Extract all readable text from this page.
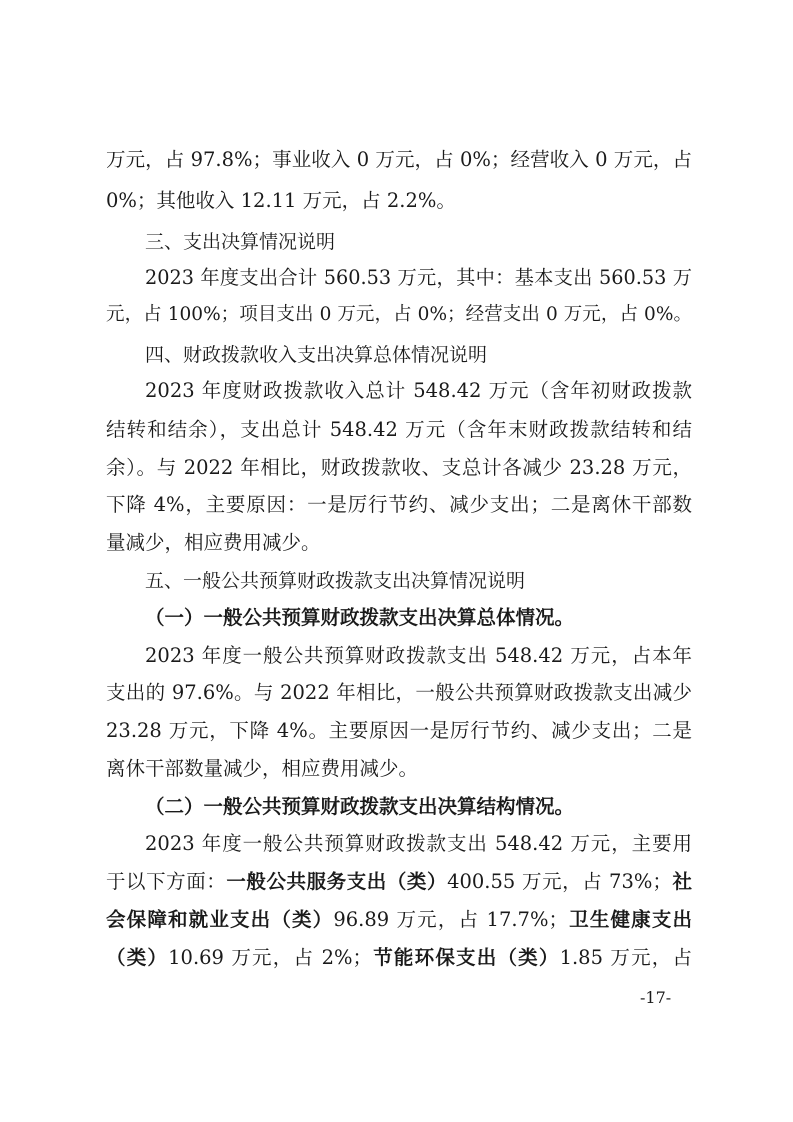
万元，占 97.8%；事业收入 0 万元，占 0%；经营收入 0 万元，占
0%；其他收入 12.11 万元，占 2.2%。
三、支出决算情况说明
2023 年度支出合计 560.53 万元，其中：基本支出 560.53 万
元，占 100%；项目支出 0 万元，占 0%；经营支出 0 万元，占 0%。
四、财政拨款收入支出决算总体情况说明
2023 年度财政拨款收入总计 548.42 万元（含年初财政拨款
结转和结余），支出总计 548.42 万元（含年末财政拨款结转和结
余）。与 2022 年相比，财政拨款收、支总计各减少 23.28 万元，
下降 4%，主要原因：一是厉行节约、减少支出；二是离休干部数
量减少，相应费用减少。
五、一般公共预算财政拨款支出决算情况说明
（一）一般公共预算财政拨款支出决算总体情况。
2023 年度一般公共预算财政拨款支出 548.42 万元，占本年
支出的 97.6%。与 2022 年相比，一般公共预算财政拨款支出减少
23.28 万元，下降 4%。主要原因一是厉行节约、减少支出；二是
离休干部数量减少，相应费用减少。
（二）一般公共预算财政拨款支出决算结构情况。
2023 年度一般公共预算财政拨款支出 548.42 万元，主要用
于以下方面：一般公共服务支出（类）400.55 万元，占 73%；社
会保障和就业支出（类）96.89 万元，占 17.7%；卫生健康支出
（类）10.69 万元，占 2%；节能环保支出（类）1.85 万元，占
-17-
